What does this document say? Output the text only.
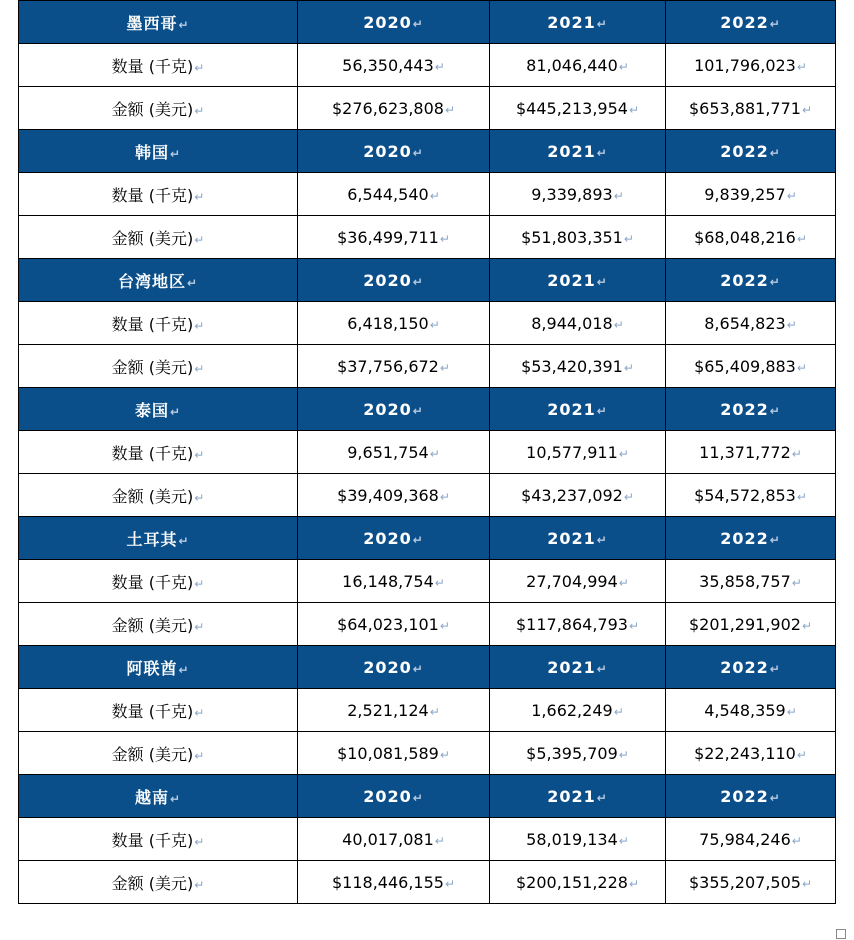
墨西哥↵	2020↵	2021↵	2022↵
数量 (千克)↵	56,350,443↵	81,046,440↵	101,796,023↵
金额 (美元)↵	$276,623,808↵	$445,213,954↵	$653,881,771↵
韩国↵	2020↵	2021↵	2022↵
数量 (千克)↵	6,544,540↵	9,339,893↵	9,839,257↵
金额 (美元)↵	$36,499,711↵	$51,803,351↵	$68,048,216↵
台湾地区↵	2020↵	2021↵	2022↵
数量 (千克)↵	6,418,150↵	8,944,018↵	8,654,823↵
金额 (美元)↵	$37,756,672↵	$53,420,391↵	$65,409,883↵
泰国↵	2020↵	2021↵	2022↵
数量 (千克)↵	9,651,754↵	10,577,911↵	11,371,772↵
金额 (美元)↵	$39,409,368↵	$43,237,092↵	$54,572,853↵
土耳其↵	2020↵	2021↵	2022↵
数量 (千克)↵	16,148,754↵	27,704,994↵	35,858,757↵
金额 (美元)↵	$64,023,101↵	$117,864,793↵	$201,291,902↵
阿联酋↵	2020↵	2021↵	2022↵
数量 (千克)↵	2,521,124↵	1,662,249↵	4,548,359↵
金额 (美元)↵	$10,081,589↵	$5,395,709↵	$22,243,110↵
越南↵	2020↵	2021↵	2022↵
数量 (千克)↵	40,017,081↵	58,019,134↵	75,984,246↵
金额 (美元)↵	$118,446,155↵	$200,151,228↵	$355,207,505↵
